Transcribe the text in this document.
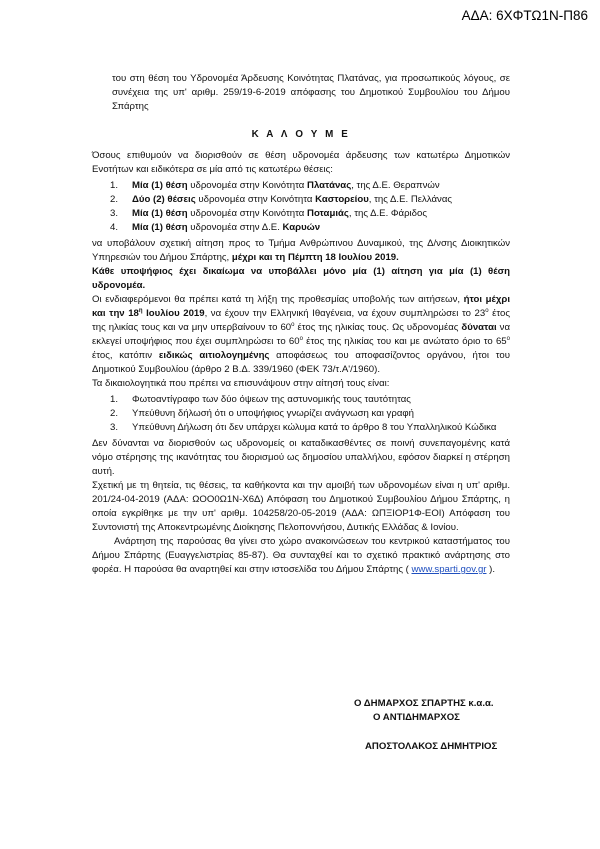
ΑΔΑ: 6ΧΦΤΩ1Ν-Π86

του στη θέση του Υδρονομέα Άρδευσης Κοινότητας Πλατάνας, για προσωπικούς λόγους, σε συνέχεια της υπ' αριθμ. 259/19-6-2019 απόφασης του Δημοτικού Συμβουλίου του Δήμου Σπάρτης

Κ Α Λ Ο Υ Μ Ε

Όσους επιθυμούν να διορισθούν σε θέση υδρονομέα άρδευσης των κατωτέρω Δημοτικών Ενοτήτων και ειδικότερα σε μία από τις κατωτέρω θέσεις:

1. Μία (1) θέση υδρονομέα στην Κοινότητα Πλατάνας, της Δ.Ε. Θεραπνών
2. Δύο (2) θέσεις υδρονομέα στην Κοινότητα Καστορείου, της Δ.Ε. Πελλάνας
3. Μία (1) θέση υδρονομέα στην Κοινότητα Ποταμιάς, της Δ.Ε. Φάριδος
4. Μία (1) θέση υδρονομέα στην Δ.Ε. Καρυών

να υποβάλουν σχετική αίτηση προς το Τμήμα Ανθρώπινου Δυναμικού, της Δ/νσης Διοικητικών Υπηρεσιών του Δήμου Σπάρτης, μέχρι και τη Πέμπτη 18 Ιουλίου 2019.

Κάθε υποψήφιος έχει δικαίωμα να υποβάλλει μόνο μία (1) αίτηση για μία (1) θέση υδρονομέα.

Οι ενδιαφερόμενοι θα πρέπει κατά τη λήξη της προθεσμίας υποβολής των αιτήσεων, ήτοι μέχρι και την $18^\eta$ Ιουλίου 2019, να έχουν την Ελληνική Ιθαγένεια, να έχουν συμπληρώσει το $23^o$ έτος της ηλικίας τους και να μην υπερβαίνουν το $60^o$ έτος της ηλικίας τους. Ως υδρονομέας δύναται να εκλεγεί υποψήφιος που έχει συμπληρώσει το $60^o$ έτος της ηλικίας του και με ανώτατο όριο το $65^o$ έτος, κατόπιν ειδικώς αιτιολογημένης αποφάσεως του αποφασίζοντος οργάνου, ήτοι του Δημοτικού Συμβουλίου (άρθρο 2 Β.Δ. 339/1960 (ΦΕΚ 73/τ.Α'/1960).

Τα δικαιολογητικά που πρέπει να επισυνάψουν στην αίτησή τους είναι:

1. Φωτοαντίγραφο των δύο όψεων της αστυνομικής τους ταυτότητας
2. Υπεύθυνη δήλωσή ότι ο υποψήφιος γνωρίζει ανάγνωση και γραφή
3. Υπεύθυνη Δήλωση ότι δεν υπάρχει κώλυμα κατά το άρθρο 8 του Υπαλληλικού Κώδικα

Δεν δύνανται να διορισθούν ως υδρονομείς οι καταδικασθέντες σε ποινή συνεπαγομένης κατά νόμο στέρησης της ικανότητας του διορισμού ως δημοσίου υπαλλήλου, εφόσον διαρκεί η στέρηση αυτή.

Σχετική με τη θητεία, τις θέσεις, τα καθήκοντα και την αμοιβή των υδρονομέων είναι η υπ' αριθμ. 201/24-04-2019 (ΑΔΑ: ΩΟΟ0Ω1Ν-Χ6Δ) Απόφαση του Δημοτικού Συμβουλίου Δήμου Σπάρτης, η οποία εγκρίθηκε με την υπ' αριθμ. 104258/20-05-2019 (ΑΔΑ: ΩΠΞΙΟΡ1Φ-ΕΟΙ) Απόφαση του Συντονιστή της Αποκεντρωμένης Διοίκησης Πελοποννήσου, Δυτικής Ελλάδας & Ιονίου.

Ανάρτηση της παρούσας θα γίνει στο χώρο ανακοινώσεων του κεντρικού καταστήματος του Δήμου Σπάρτης (Ευαγγελιστρίας 85-87). Θα συνταχθεί και το σχετικό πρακτικό ανάρτησης στο φορέα. Η παρούσα θα αναρτηθεί και στην ιστοσελίδα του Δήμου Σπάρτης ( www.sparti.gov.gr ).

Ο ΔΗΜΑΡΧΟΣ ΣΠΑΡΤΗΣ κ.α.α.
Ο ΑΝΤΙΔΗΜΑΡΧΟΣ
ΑΠΟΣΤΟΛΑΚΟΣ ΔΗΜΗΤΡΙΟΣ
